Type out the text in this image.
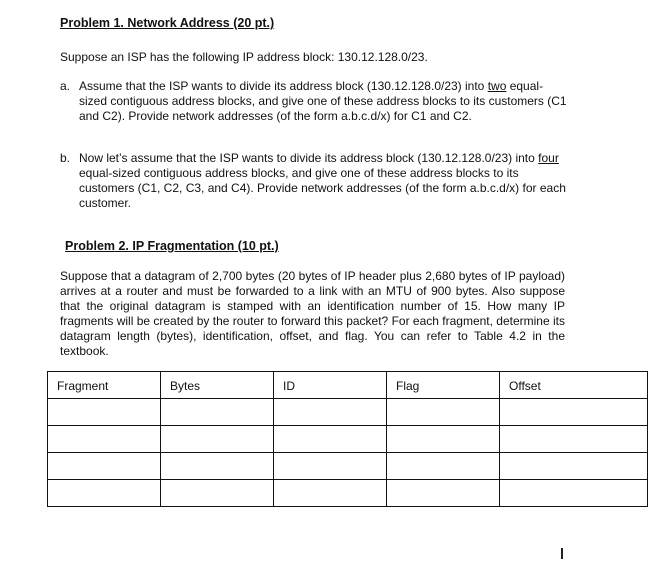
Problem 1. Network Address (20 pt.)
Suppose an ISP has the following IP address block: 130.12.128.0/23.
a. Assume that the ISP wants to divide its address block (130.12.128.0/23) into two equal-sized contiguous address blocks, and give one of these address blocks to its customers (C1 and C2). Provide network addresses (of the form a.b.c.d/x) for C1 and C2.
b. Now let’s assume that the ISP wants to divide its address block (130.12.128.0/23) into four equal-sized contiguous address blocks, and give one of these address blocks to its customers (C1, C2, C3, and C4). Provide network addresses (of the form a.b.c.d/x) for each customer.
Problem 2. IP Fragmentation (10 pt.)
Suppose that a datagram of 2,700 bytes (20 bytes of IP header plus 2,680 bytes of IP payload) arrives at a router and must be forwarded to a link with an MTU of 900 bytes. Also suppose that the original datagram is stamped with an identification number of 15. How many IP fragments will be created by the router to forward this packet? For each fragment, determine its datagram length (bytes), identification, offset, and flag. You can refer to Table 4.2 in the textbook.
Fragment	Bytes	ID	Flag	Offset
